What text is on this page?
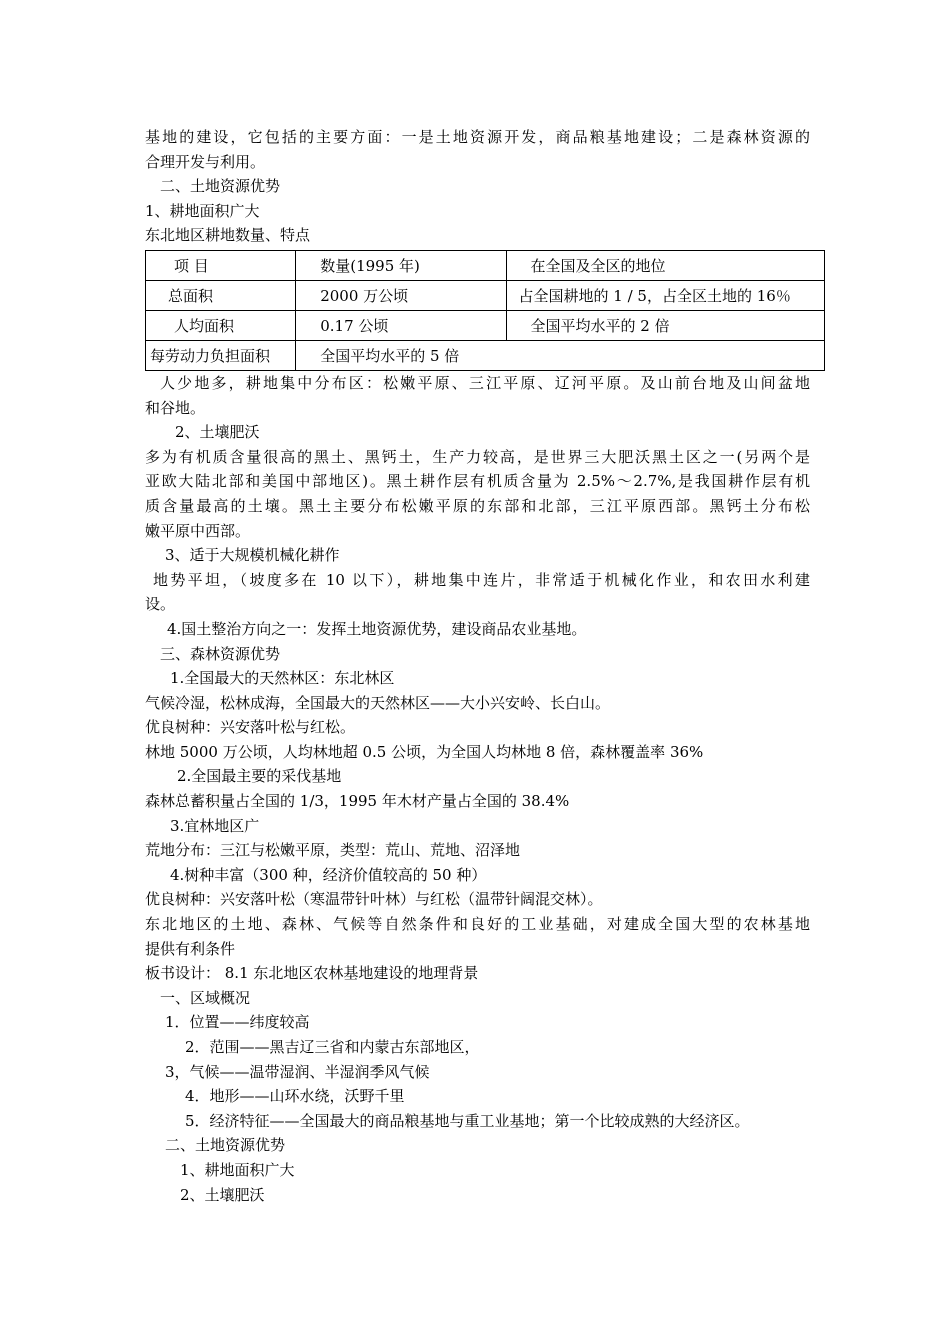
基地的建设，它包括的主要方面：一是土地资源开发，商品粮基地建设；二是森林资源的
合理开发与利用。
二、土地资源优势
1、耕地面积广大
东北地区耕地数量、特点
项 目	数量(1995 年)	在全国及全区的地位
总面积	2000 万公顷	占全国耕地的 1 / 5，占全区土地的 16％
人均面积	0.17 公顷	全国平均水平的 2 倍
每劳动力负担面积	全国平均水平的 5 倍	
人少地多，耕地集中分布区：松嫩平原、三江平原、辽河平原。及山前台地及山间盆地
和谷地。
2、土壤肥沃
多为有机质含量很高的黑土、黑钙土，生产力较高，是世界三大肥沃黑土区之一(另两个是
亚欧大陆北部和美国中部地区)。黑土耕作层有机质含量为 2.5%～2.7%,是我国耕作层有机
质含量最高的土壤。黑土主要分布松嫩平原的东部和北部，三江平原西部。黑钙土分布松
嫩平原中西部。
3、适于大规模机械化耕作
地势平坦，（坡度多在 10 以下），耕地集中连片，非常适于机械化作业，和农田水利建
设。
4.国土整治方向之一：发挥土地资源优势，建设商品农业基地。
三、森林资源优势
1.全国最大的天然林区：东北林区
气候冷湿，松林成海，全国最大的天然林区——大小兴安岭、长白山。
优良树种：兴安落叶松与红松。
林地 5000 万公顷，人均林地超 0.5 公顷，为全国人均林地 8 倍，森林覆盖率 36%
2.全国最主要的采伐基地
森林总蓄积量占全国的 1/3，1995 年木材产量占全国的 38.4%
3.宜林地区广
荒地分布：三江与松嫩平原，类型：荒山、荒地、沼泽地
4.树种丰富（300 种，经济价值较高的 50 种）
优良树种：兴安落叶松（寒温带针叶林）与红松（温带针阔混交林）。
东北地区的土地、森林、气候等自然条件和良好的工业基础，对建成全国大型的农林基地
提供有利条件
板书设计： 8.1 东北地区农林基地建设的地理背景
一、区域概况
1．位置——纬度较高
2．范围——黑吉辽三省和内蒙古东部地区，
3，气候——温带湿润、半湿润季风气候
4．地形——山环水绕，沃野千里
5．经济特征——全国最大的商品粮基地与重工业基地；第一个比较成熟的大经济区。
二、土地资源优势
1、耕地面积广大
2、土壤肥沃
